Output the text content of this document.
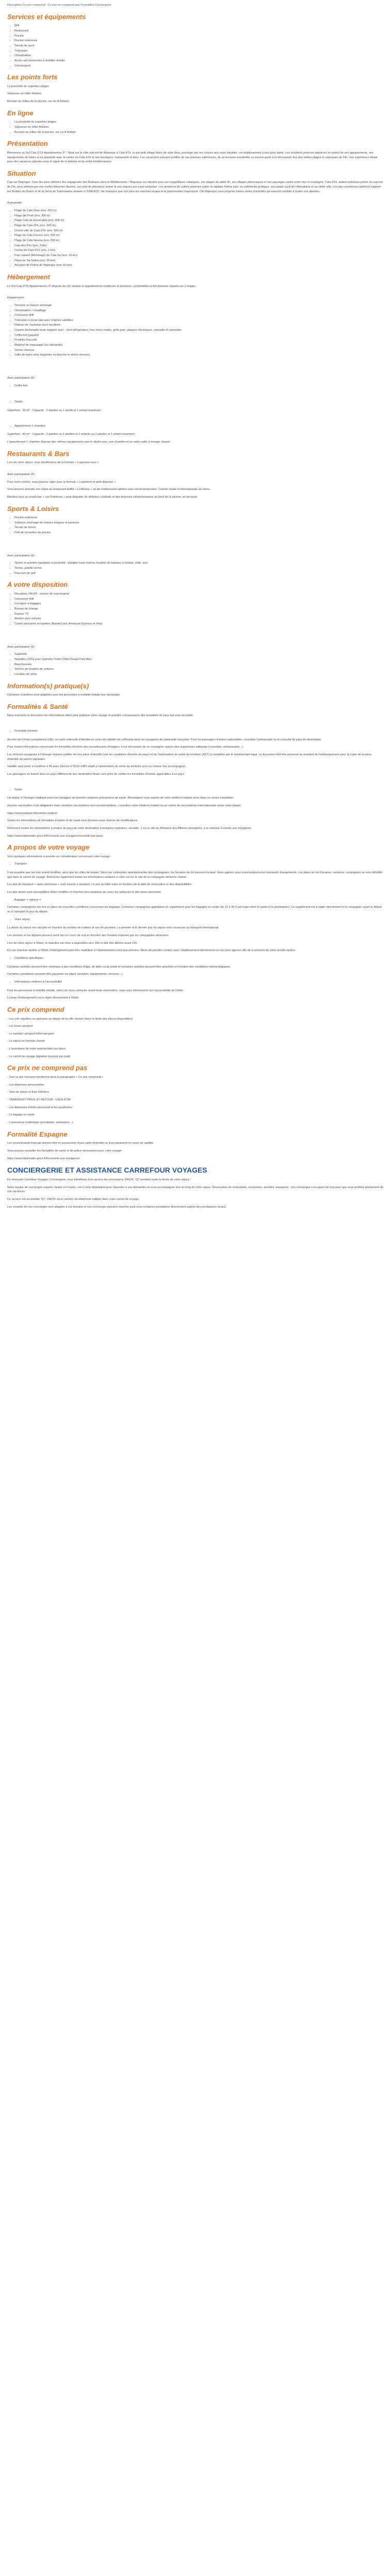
Description Ce prix comprend : Ce prix ne comprend pas Formalités Conciergerie

Services et équipements
• Wifi
• Restaurant
• Piscine
• Piscine extérieure
• Terrain de sport
• Télévision
• Climatisation
• Accès aux personnes à mobilité réduite
• Conciergerie
Les points forts

La proximité de superbes plages

Séjourner en hôtel 4étoiles

Bronzer au milieu de la piscine, sur un lit flottant

En ligne
• La proximité de superbes plages
• Séjourner en hôtel 4étoiles
• Bronzer au milieu de la piscine, sur un lit flottant
Présentation

Bienvenue au Sol Cala D'Or Apartamentos 3* ! Situé sur la côte sud-est de Majorque à Cala d'Or, ce joli petit village blanc de style ibiza, prolongé par ses criques aux eaux limpides, cet établissement a tout pour plaire. Les résidents pourront apprécier le confort de ses appartements, ses équipements de loisirs et sa proximité avec le centre de Cala d'Or et ses boutiques, restaurants et bars. Les vacanciers peuvent profiter de ses piscines extérieures, de sa terrasse ensoleillée ou encore partir à la découverte des plus belles plages et calanques de l'île. Une expérience idéale pour des vacances placées sous le signe de la détente et du soleil méditerranéen.

Situation

Cap sur Majorque, l'une des plus célèbres îles espagnoles des Baléares dans la Méditerranée ! Majorque est réputée pour ses magnifiques calanques, ses plages de sable fin, ses villages pittoresques et ses paysages variés entre mer et montagne. Cala d'Or, station balnéaire prisée du sud-est de l'île, vous séduira par ses ruelles blanches fleuries, son port de plaisance animé et ses criques aux eaux turquoise. Les amateurs de culture pourront visiter la capitale Palma avec sa cathédrale gothique, son palais royal de l'Almudaina et sa vieille ville. Les plus aventureux partiront explorer les Grottes du Drach et de la Serra de Tramuntana classée à l'UNESCO. Ne manquez pas non plus les marchés locaux et la gastronomie majorquine ! De Majorque vous propose toutes sortes d'activités qui sauront combler à toutes vos attentes.

A proximité :

• Plage de Cala Gran (env. 250 m)
• Plage del Pratí (env. 300 m)
• Plage Cala de Esmeralda (env. 400 m)
• Plage de Cala d'Or (env. 500 m)
• Centre-ville de Cala d'Or (env. 600 m)
• Plage de Cala Ferrera (env. 600 m)
• Plage de Cala Serena (env. 650 m)
• Cala des Pou (env. 3 km)
• Centre de Cala d'Or (env. 1 km)
• Parc naturel (Mondragó) de Cala Sa (env. 18 km)
• Plaza de Sa Salina (env. 20 km)
• Aéroport de Palma de Majorque (env. 60 km)
Hébergement

Le Sol Cala D'Or Apartamentos 3* dispose de 111 studios et appartements modernes et lumineux, confortables et fonctionnels répartis sur 2 étages.

Équipements :

• Terrasse ou balcon aménagé
• Climatisation / chauffage
• Connexion Wifi
• Télévision à écran plat avec chaînes satellites
• Plateau de courtoisie avec bouilloire
• Cuisine kitchenette toute équipée avec : mini-réfrigérateur, four micro-ondes, grille-pain, plaques électriques, vaisselle et ustensiles
• Coffre-fort (payant)
• Produits d'accueil
• Matériel de repassage (sur demande)
• Sèche-cheveux
• Salle de bains avec baignoire ou douche et sèche-cheveux

Avec participation (€) :

• Coffre-fort
• Studio

Superficie : 30 m² - Capacité : 2 adultes ou 1 adulte et 1 enfant maximum

• Appartement 1 chambre

Superficie : 40 m² - Capacité : 2 adultes ou 2 adultes et 2 enfants ou 3 adultes et 1 enfant maximum

L'appartement 1 chambre dispose des mêmes équipements que le studio avec une chambre et un salon-salle à manger séparé.

Restaurants & Bars

Lors de votre séjour, vous bénéficierez de la formule « Logement seul ».

Avec participation (€) :

Pour votre confort, vous pourrez opter pour la formule « Logement et petit déjeuner ».

Vous pourrez prendre vos repas au restaurant buffet « La Bolera » où de nombreuses options vous seront proposées. Cuisine locale et internationale au menu.

Rendez-vous au snack-bar « Los Palmeras » pour déguster de délicieux cocktails et des boissons rafraîchissantes au bord de la piscine, en terrasse.

Sports & Loisirs
• Piscine extérieure
• Solarium aménagé de chaises longues et parasols
• Terrain de tennis
• Prêt de serviettes de piscine

Avec participation (€) :

• Sports et activités nautiques à proximité : plongée sous-marine, location de bateaux à moteur, voile, surf
• Tennis, paddle-tennis
• Parcours de golf
A votre disposition
• Réception 24h/24 - service de conciergerie
• Connexion Wifi
• Consigne à bagages
• Bureau de change
• Espace TV
• Ateliers pour enfants
• Cartes bancaires acceptées (MasterCard, American Express et Visa)

Avec participation (€) :

• Supérette
• Navettes (15%) pour rejoindre l'hôtel (Hôtel Grand Pala Mar)
• Blanchisserie
• Service de location de voitures
• Location de vélos
Information(s) pratique(s)

Certaines chambres sont adaptées pour les personnes à mobilité réduite (sur demande).

Formalités & Santé

Nous transmet ce document les informations utiles pour préparer votre voyage et prendre connaissance des actualités du pays qui vous accueille.

• Formalité d'entrée

Au sein de l'Union européenne (UE), un carte nationale d'identité en cours de validité est suffisante pour les voyageurs de nationalité française. Pour les passagers d'autres nationalités, consultez l'ambassade ou le consulat du pays de destination.

Pour toutes informations concernant les formalités d'entrée des ressortissants étrangers, il est nécessaire de se renseigner auprès des organismes adéquats (consulats, ambassades...).

Les mineurs voyageant à l'étranger doivent justifier de leur pièce d'identité (voir les conditions d'entrée du pays) et de l'autorisation de sortie du territoire (AST) à compléter par le représentant légal. Le document doit être présenté au moment de l'embarquement avec la copie de la pièce d'identité du parent signataire.

Valable sans partir à l'extrême à 90 jours (Décret n°2016-1483 relatif à l'autorisation de sortie du territoire pour un mineur non accompagné).

Les passagers en transit dans un pays différent de leur destination finale sont priés de vérifier les formalités d'entrée applicables à ce pays.

• Santé

Un séjour à l'étranger implique pour tout voyageur de prendre certaines précautions de santé. Renseignez-vous auprès de votre médecin traitant et/ou dans un centre hospitalier.

Aucune vaccination n'est obligatoire mais certaines vaccinations sont recommandées ; consultez votre médecin traitant ou un centre de vaccinations internationales avant votre départ.

https://www.pasteur.fr/fr/centre-medical

Toutes les informations de formalités d'entrée et de santé sont données sous réserve de modifications.

Retrouvez toutes les informations à propos du pays de votre destination (consignes sanitaires, sécurité...) sur le site du Ministère des Affaires étrangères, à la rubrique Conseils aux voyageurs.

https://www.diplomatie.gouv.fr/fr/conseils-aux-voyageurs/conseils-par-pays/

A propos de votre voyage

Voici quelques informations à prendre en considération concernant votre voyage :

• Transport

Il est possible que les vols soient modifiés, ainsi que les villes de départ. Selon les contraintes opérationnelles des compagnies, les horaires de vol peuvent évoluer. Votre agence vous communiquera les éventuels changements. Les plans de vol (horaires, numéros, compagnie) ne sont définitifs que dans le carnet de voyage. Retrouvez également toutes les informations relatives à votre vol sur le site de la compagnie aérienne choisie.

Les prix de transport « taxes aériennes » sont soumis à variation. Le prix du billet varie en fonction de la date de réservation et des disponibilités.

Les prix aérien sont susceptibles d'être modifiés en fonction des variations du cours du carburant et des taxes aériennes.

Bagages = options =

Certaines compagnies ont mis en place de nouvelles conditions concernant les bagages. Certaines compagnies appliquent un supplément pour les bagages en soute (de 10 à 30 € par trajet selon le poids et la destination). Ce supplément est à régler directement à la compagnie avant le départ ou à l'aéroport le jour du départ.

• Votre séjour

La durée du séjour est calculée en fonction du nombre de nuitées et non de journées. Le premier et le dernier jour du séjour sont consacrés au transport international.

Les arrivées et les départs peuvent avoir lieu en cours de nuit en fonction des horaires imposés par les compagnies aériennes.

Lors de votre séjour à l'hôtel, la chambre est mise à disposition vers 15h et doit être libérée avant 12h.

En cas d'arrivée tardive à l'hôtel, l'hébergement peut être réattribué si l'établissement n'est pas prévenu. Merci de prendre contact avec l'établissement directement ou via votre agence afin de le prévenir de votre arrivée tardive.

• Conditions spécifiques

Certaines activités peuvent être soumises à des conditions d'âge, de taille ou de poids et certaines activités peuvent être annulées en fonction des conditions météorologiques.

Certaines prestations peuvent être payantes sur place (activités, équipements, services...).

• Informations relatives à l'accessibilité

Pour les personnes à mobilité réduite, merci de nous contacter avant toute réservation, nous vous informerons sur l'accessibilité de l'hôtel.

La taxe d'hébergement est à régler directement à l'hôtel.

Ce prix comprend

- Les vols réguliers ou spéciaux au départ de la ville choisie (dans la limite des places disponibles)

- Les taxes aéroport

- Le transfert aéroport-hôtel-aéroport

- Le séjour en formule choisie

- L'assistance de notre représentant sur place

- Le carnet de voyage digitalisé (envoyé par mail)

Ce prix ne comprend pas

- Tout ce qui n'est pas mentionné dans la paragraphe « Ce prix comprend »

- Les dépenses personnelles

- Taxe de séjour et frais hôteliers

- TRANSFERT PRIVE ET RETOUR - CALA D'OR

- Les dépenses d'ordre personnel et les pourboires

- Le bagage en soute

- L'assurance multirisque (annulation, assistance...)

Formalité Espagne

Les ressortissants français doivent être en possession d'une carte d'identité ou d'un passeport en cours de validité.

Vous pouvez consulter les formalités de santé et de police nécessaires pour votre voyage :

https://www.diplomatie.gouv.fr/fr/conseils-aux-voyageurs/

CONCIERGERIE ET ASSISTANCE CARREFOUR VOYAGES

En réservant Carrefour Voyages Conciergerie, vous bénéficiez d'un service de conciergerie 24h/24, 7j/7 pendant toute la durée de votre séjour !

Notre équipe de concierges experts, basée en France, est à votre disposition pour répondre à vos demandes et vous accompagner tout au long de votre séjour. Réservation de restaurants, excursions, activités, transports : nos concierges s'occupent de tout pour que vous profitiez pleinement de vos vacances.

Ce service est accessible 7j/7, 24h/24 via le numéro de téléphone indiqué dans votre carnet de voyage.

Les conseils de nos concierges sont adaptés à vos besoins et nos concierges peuvent réserver pour vous certaines prestations directement auprès des prestataires locaux.
